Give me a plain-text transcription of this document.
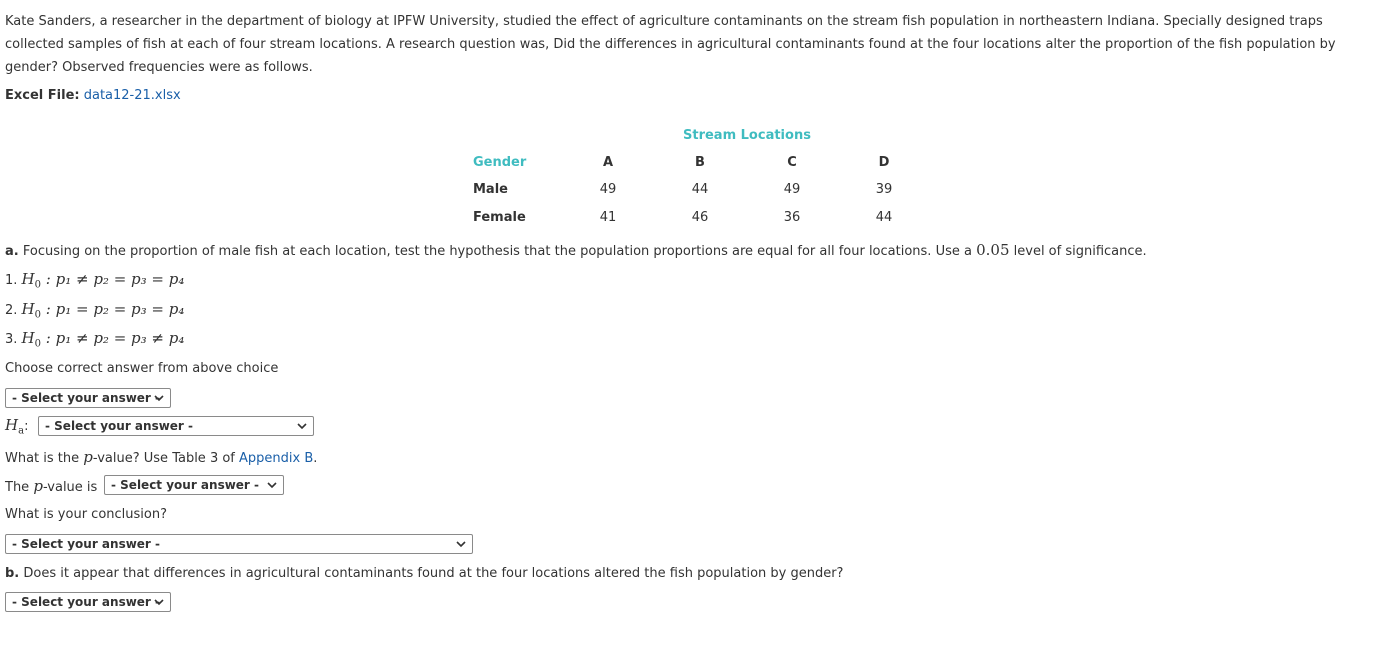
Kate Sanders, a researcher in the department of biology at IPFW University, studied the effect of agriculture contaminants on the stream fish population in northeastern Indiana. Specially designed traps collected samples of fish at each of four stream locations. A research question was, Did the differences in agricultural contaminants found at the four locations alter the proportion of the fish population by gender? Observed frequencies were as follows.
Excel File: data12-21.xlsx
Stream Locations
Gender	A	B	C	D
Male	49	44	49	39
Female	41	46	36	44
a. Focusing on the proportion of male fish at each location, test the hypothesis that the population proportions are equal for all four locations. Use a 0.05 level of significance.
1. $H_0$ : p₁ ≠ p₂ = p₃ = p₄
2. $H_0$ : p₁ = p₂ = p₃ = p₄
3. $H_0$ : p₁ ≠ p₂ = p₃ ≠ p₄
Choose correct answer from above choice
- Select your answer -
$H_a$:	- Select your answer -
What is the p-value? Use Table 3 of Appendix B.
The p-value is	- Select your answer -
What is your conclusion?
- Select your answer -
b. Does it appear that differences in agricultural contaminants found at the four locations altered the fish population by gender?
- Select your answer -
